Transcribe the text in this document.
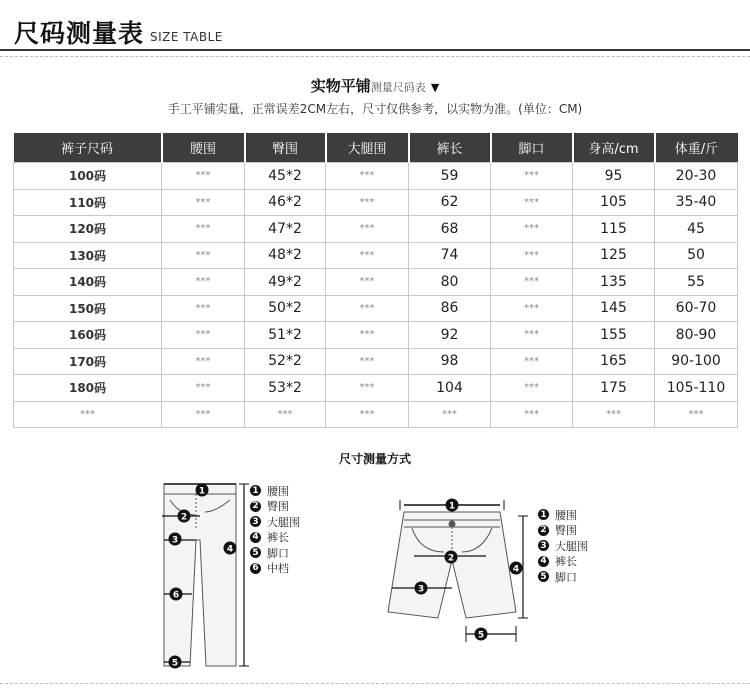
尺码测量表 SIZE TABLE
实物平铺测量尺码表 ▼
手工平铺实量，正常误差2CM左右，尺寸仅供参考，以实物为准。(单位：CM)
裤子尺码	腰围	臀围	大腿围	裤长	脚口	身高/cm	体重/斤
100码	***	45*2	***	59	***	95	20-30
110码	***	46*2	***	62	***	105	35-40
120码	***	47*2	***	68	***	115	45
130码	***	48*2	***	74	***	125	50
140码	***	49*2	***	80	***	135	55
150码	***	50*2	***	86	***	145	60-70
160码	***	51*2	***	92	***	155	80-90
170码	***	52*2	***	98	***	165	90-100
180码	***	53*2	***	104	***	175	105-110
***	***	***	***	***	***	***	***
尺寸测量方式
1
2
3
4
5
6
1
2
3
4
5
1 腰围
2 臀围
3 大腿围
4 裤长
5 脚口
6 中档
1 腰围
2 臀围
3 大腿围
4 裤长
5 脚口
